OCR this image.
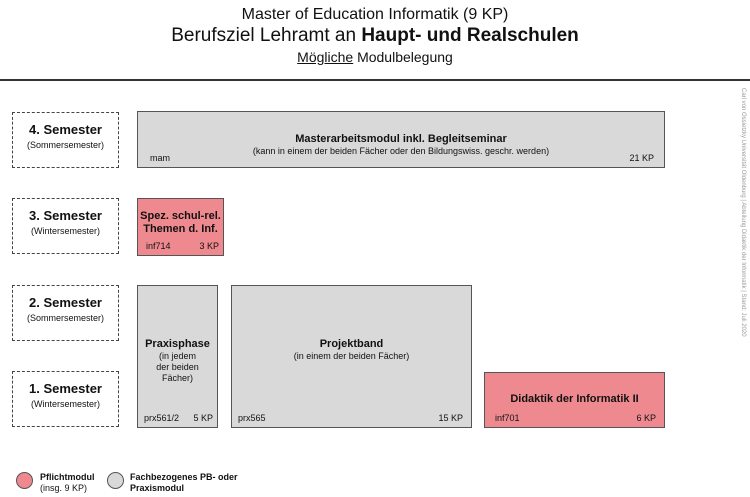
Master of Education Informatik (9 KP)
Berufsziel Lehramt an Haupt- und Realschulen
Mögliche Modulbelegung
4. Semester
(Sommersemester)
3. Semester
(Wintersemester)
2. Semester
(Sommersemester)
1. Semester
(Wintersemester)
Masterarbeitsmodul inkl. Begleitseminar
(kann in einem der beiden Fächer oder den Bildungswiss. geschr. werden)
mam	21 KP
Spez. schul-rel.
Themen d. Inf.
inf714	3 KP
Praxisphase
(in jedem
der beiden
Fächer)
prx561/2 5 KP
Projektband
(in einem der beiden Fächer)
prx565	15 KP
Didaktik der Informatik II
inf701	6 KP
Carl von Ossietzky Universität Oldenburg | Abteilung Didaktik der Informatik | Stand: Juli 2020
Pflichtmodul
(insg. 9 KP)
Fachbezogenes PB- oder
Praxismodul
